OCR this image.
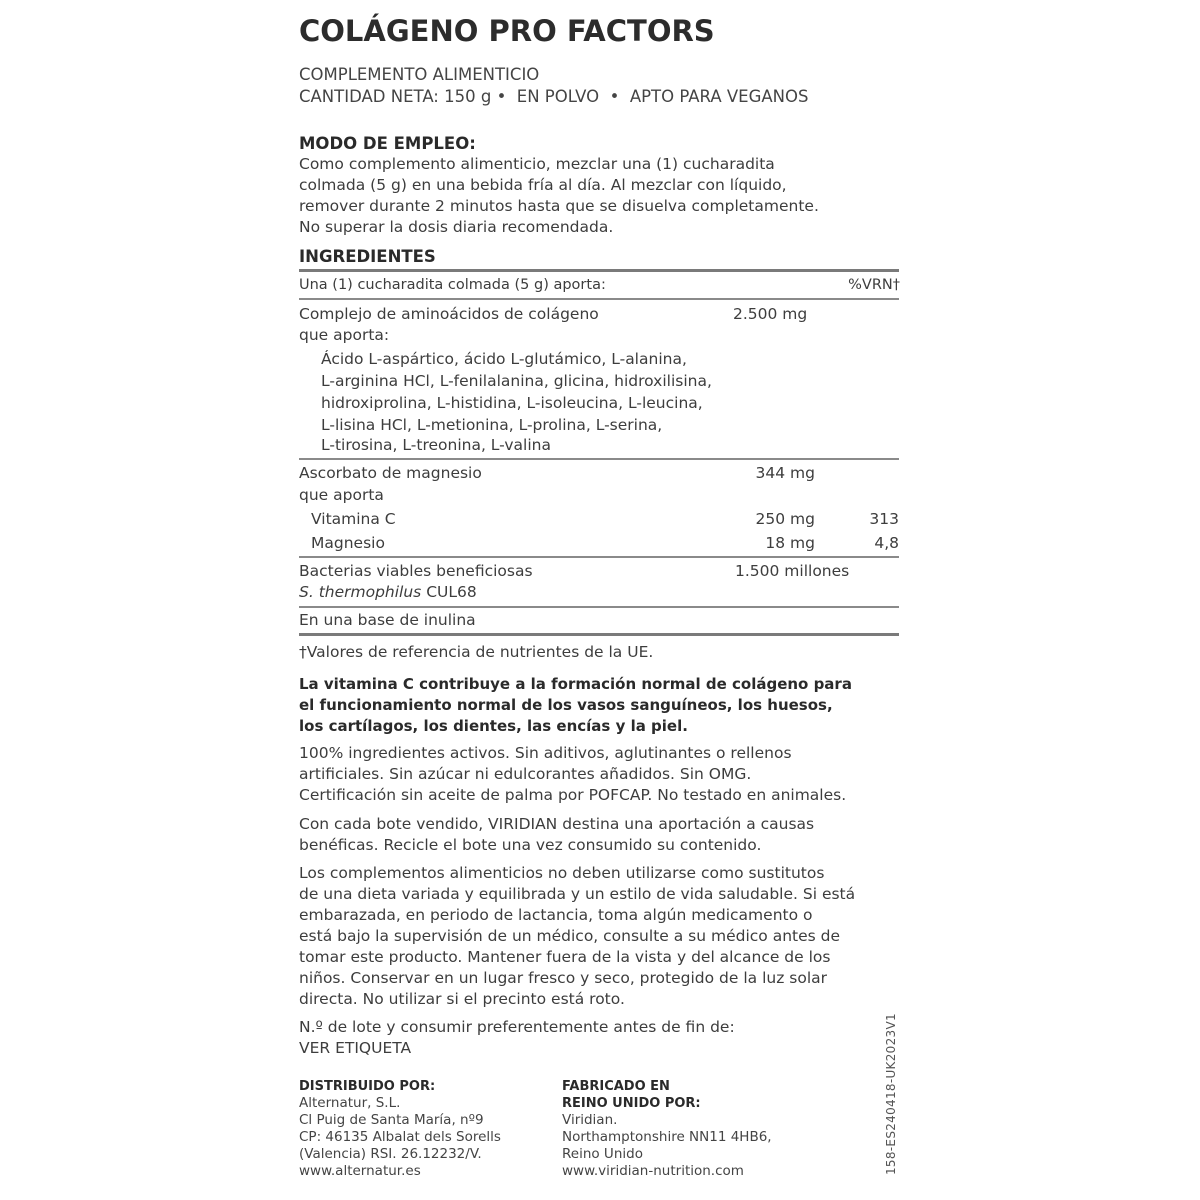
COLÁGENO PRO FACTORS
COMPLEMENTO ALIMENTICIO
CANTIDAD NETA: 150 g •  EN POLVO  •  APTO PARA VEGANOS
MODO DE EMPLEO:
Como complemento alimenticio, mezclar una (1) cucharadita
colmada (5 g) en una bebida fría al día. Al mezclar con líquido,
remover durante 2 minutos hasta que se disuelva completamente.
No superar la dosis diaria recomendada.
INGREDIENTES
Una (1) cucharadita colmada (5 g) aporta:	%VRN†
Complejo de aminoácidos de colágeno	2.500 mg
que aporta:
Ácido L-aspártico, ácido L-glutámico, L-alanina,
L-arginina HCl, L-fenilalanina, glicina, hidroxilisina,
hidroxiprolina, L-histidina, L-isoleucina, L-leucina,
L-lisina HCl, L-metionina, L-prolina, L-serina,
L-tirosina, L-treonina, L-valina
Ascorbato de magnesio	344 mg
que aporta
Vitamina C	250 mg	313
Magnesio	18 mg	4,8
Bacterias viables beneficiosas	1.500 millones
S. thermophilus CUL68
En una base de inulina
†Valores de referencia de nutrientes de la UE.
La vitamina C contribuye a la formación normal de colágeno para
el funcionamiento normal de los vasos sanguíneos, los huesos,
los cartílagos, los dientes, las encías y la piel.
100% ingredientes activos. Sin aditivos, aglutinantes o rellenos
artificiales. Sin azúcar ni edulcorantes añadidos. Sin OMG.
Certificación sin aceite de palma por POFCAP. No testado en animales.
Con cada bote vendido, VIRIDIAN destina una aportación a causas
benéficas. Recicle el bote una vez consumido su contenido.
Los complementos alimenticios no deben utilizarse como sustitutos
de una dieta variada y equilibrada y un estilo de vida saludable. Si está
embarazada, en periodo de lactancia, toma algún medicamento o
está bajo la supervisión de un médico, consulte a su médico antes de
tomar este producto. Mantener fuera de la vista y del alcance de los
niños. Conservar en un lugar fresco y seco, protegido de la luz solar
directa. No utilizar si el precinto está roto.
N.º de lote y consumir preferentemente antes de fin de:
VER ETIQUETA
DISTRIBUIDO POR:
Alternatur, S.L.
Cl Puig de Santa María, nº9
CP: 46135 Albalat dels Sorells
(Valencia) RSI. 26.12232/V.
www.alternatur.es
FABRICADO EN
REINO UNIDO POR:
Viridian.
Northamptonshire NN11 4HB6,
Reino Unido
www.viridian-nutrition.com	158-ES240418-UK2023V1
